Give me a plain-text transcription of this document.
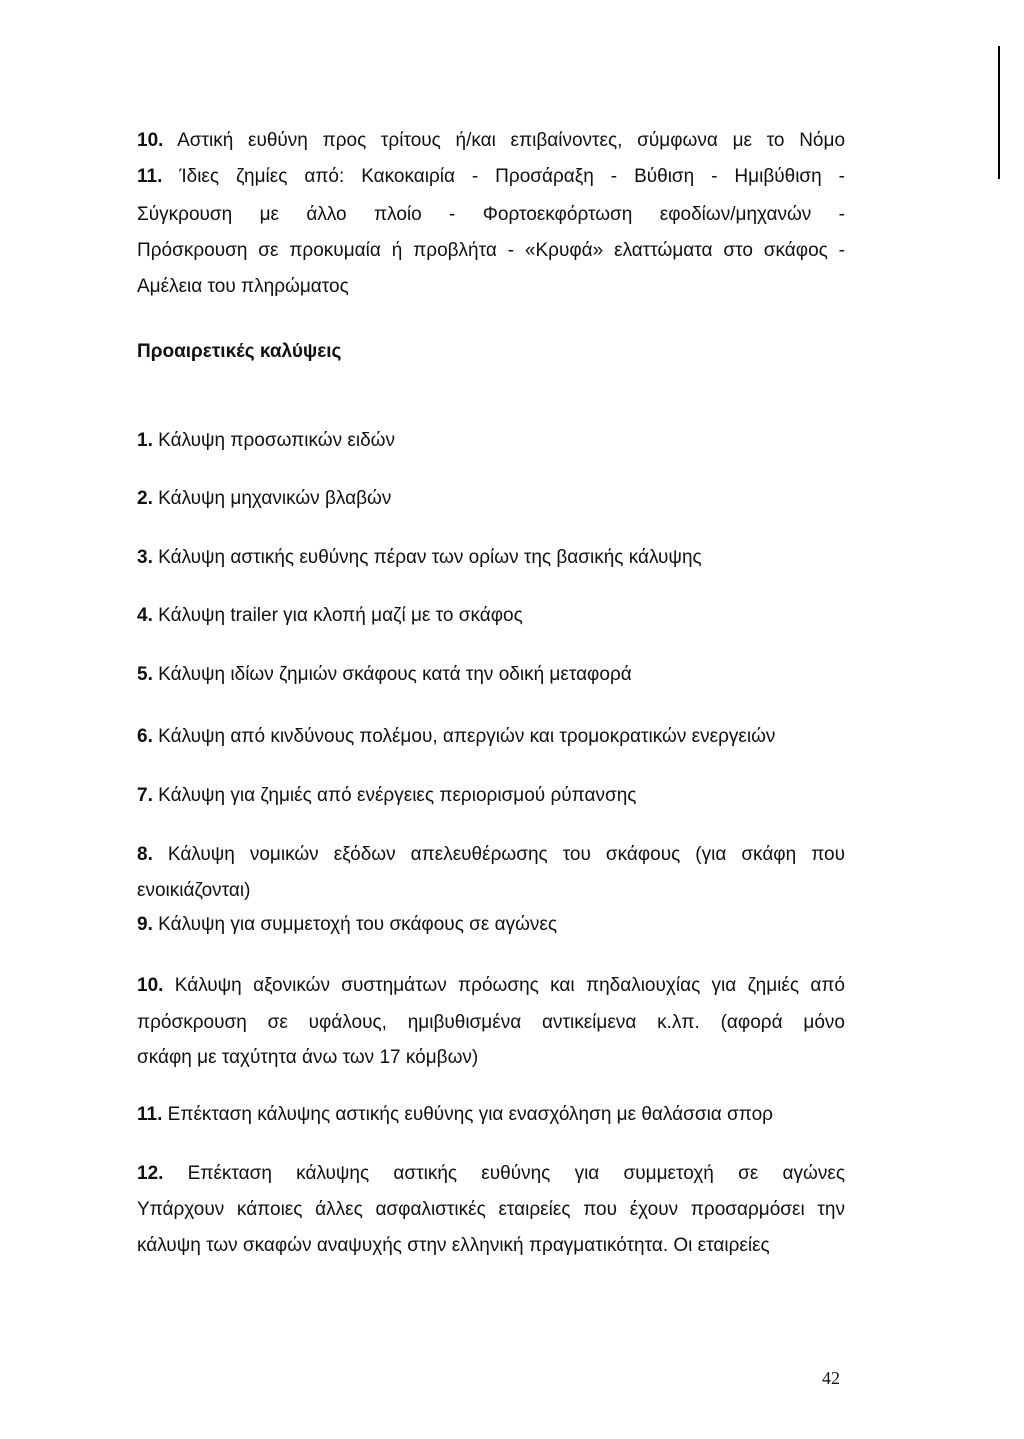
10. Αστική ευθύνη προς τρίτους ή/και επιβαίνοντες, σύμφωνα με το Νόμο
11. Ίδιες ζημίες από: Κακοκαιρία - Προσάραξη - Βύθιση - Ημιβύθιση -
Σύγκρουση με άλλο πλοίο - Φορτοεκφόρτωση εφοδίων/μηχανών -
Πρόσκρουση σε προκυμαία ή προβλήτα - «Κρυφά» ελαττώματα στο σκάφος -
Αμέλεια του πληρώματος
Προαιρετικές καλύψεις
1. Κάλυψη προσωπικών ειδών
2. Κάλυψη μηχανικών βλαβών
3. Κάλυψη αστικής ευθύνης πέραν των ορίων της βασικής κάλυψης
4. Κάλυψη trailer για κλοπή μαζί με το σκάφος
5. Κάλυψη ιδίων ζημιών σκάφους κατά την οδική μεταφορά
6. Κάλυψη από κινδύνους πολέμου, απεργιών και τρομοκρατικών ενεργειών
7. Κάλυψη για ζημιές από ενέργειες περιορισμού ρύπανσης
8. Κάλυψη νομικών εξόδων απελευθέρωσης του σκάφους (για σκάφη που
ενοικιάζονται)
9. Κάλυψη για συμμετοχή του σκάφους σε αγώνες
10. Κάλυψη αξονικών συστημάτων πρόωσης και πηδαλιουχίας για ζημιές από
πρόσκρουση σε υφάλους, ημιβυθισμένα αντικείμενα κ.λπ. (αφορά μόνο
σκάφη με ταχύτητα άνω των 17 κόμβων)
11. Επέκταση κάλυψης αστικής ευθύνης για ενασχόληση με θαλάσσια σπορ
12. Επέκταση κάλυψης αστικής ευθύνης για συμμετοχή σε αγώνες
Υπάρχουν κάποιες άλλες ασφαλιστικές εταιρείες που έχουν προσαρμόσει την
κάλυψη των σκαφών αναψυχής στην ελληνική πραγματικότητα. Οι εταιρείες
42
